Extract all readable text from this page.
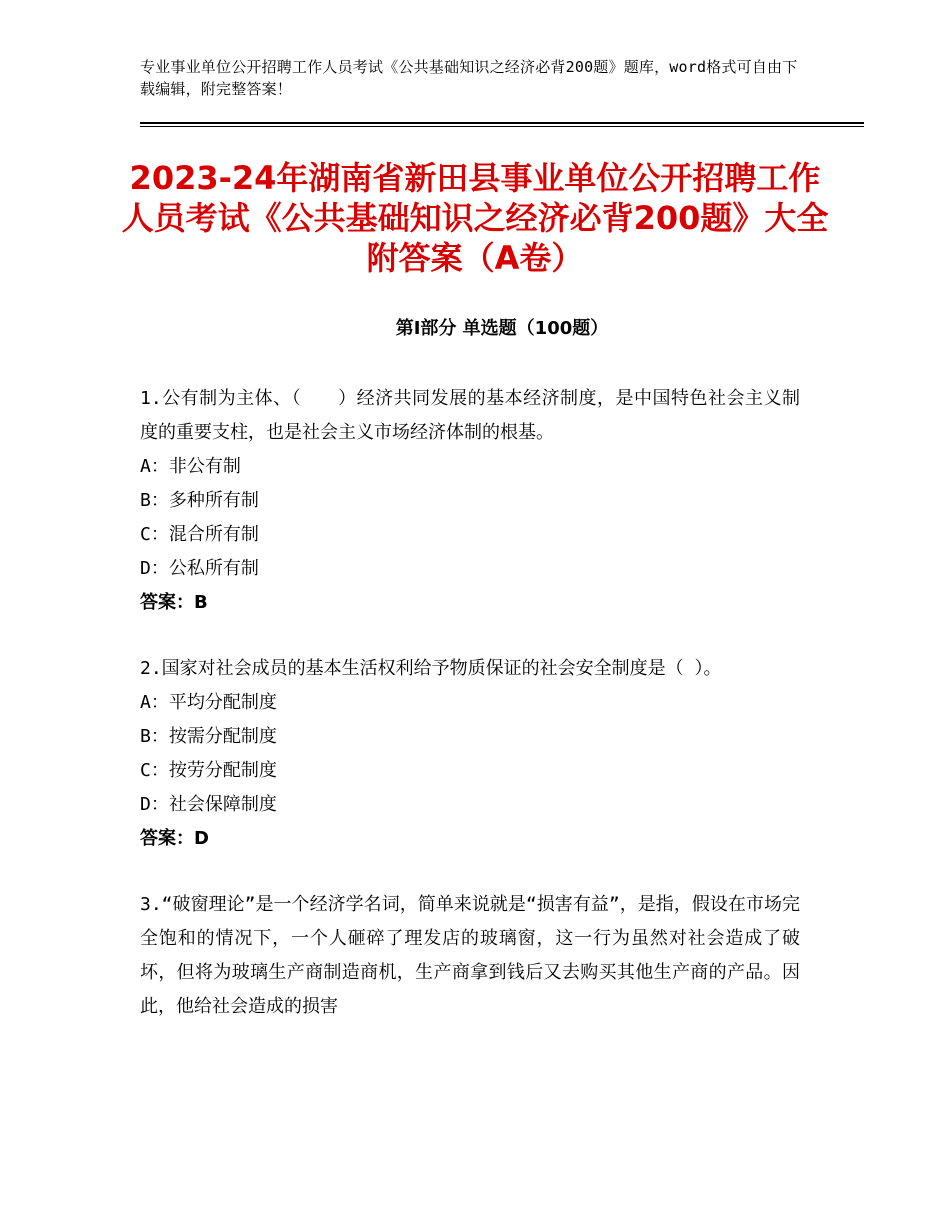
专业事业单位公开招聘工作人员考试《公共基础知识之经济必背200题》题库，word格式可自由下载编辑，附完整答案！
2023-24年湖南省新田县事业单位公开招聘工作人员考试《公共基础知识之经济必背200题》大全附答案（A卷）
第Ⅰ部分 单选题（100题）

1.公有制为主体、（　　）经济共同发展的基本经济制度，是中国特色社会主义制度的重要支柱，也是社会主义市场经济体制的根基。

A：非公有制

B：多种所有制

C：混合所有制

D：公私所有制

答案：B

2.国家对社会成员的基本生活权利给予物质保证的社会安全制度是（ ）。

A：平均分配制度

B：按需分配制度

C：按劳分配制度

D：社会保障制度

答案：D

3.“破窗理论”是一个经济学名词，简单来说就是“损害有益”，是指，假设在市场完全饱和的情况下，一个人砸碎了理发店的玻璃窗，这一行为虽然对社会造成了破坏，但将为玻璃生产商制造商机，生产商拿到钱后又去购买其他生产商的产品。因此，他给社会造成的损害
